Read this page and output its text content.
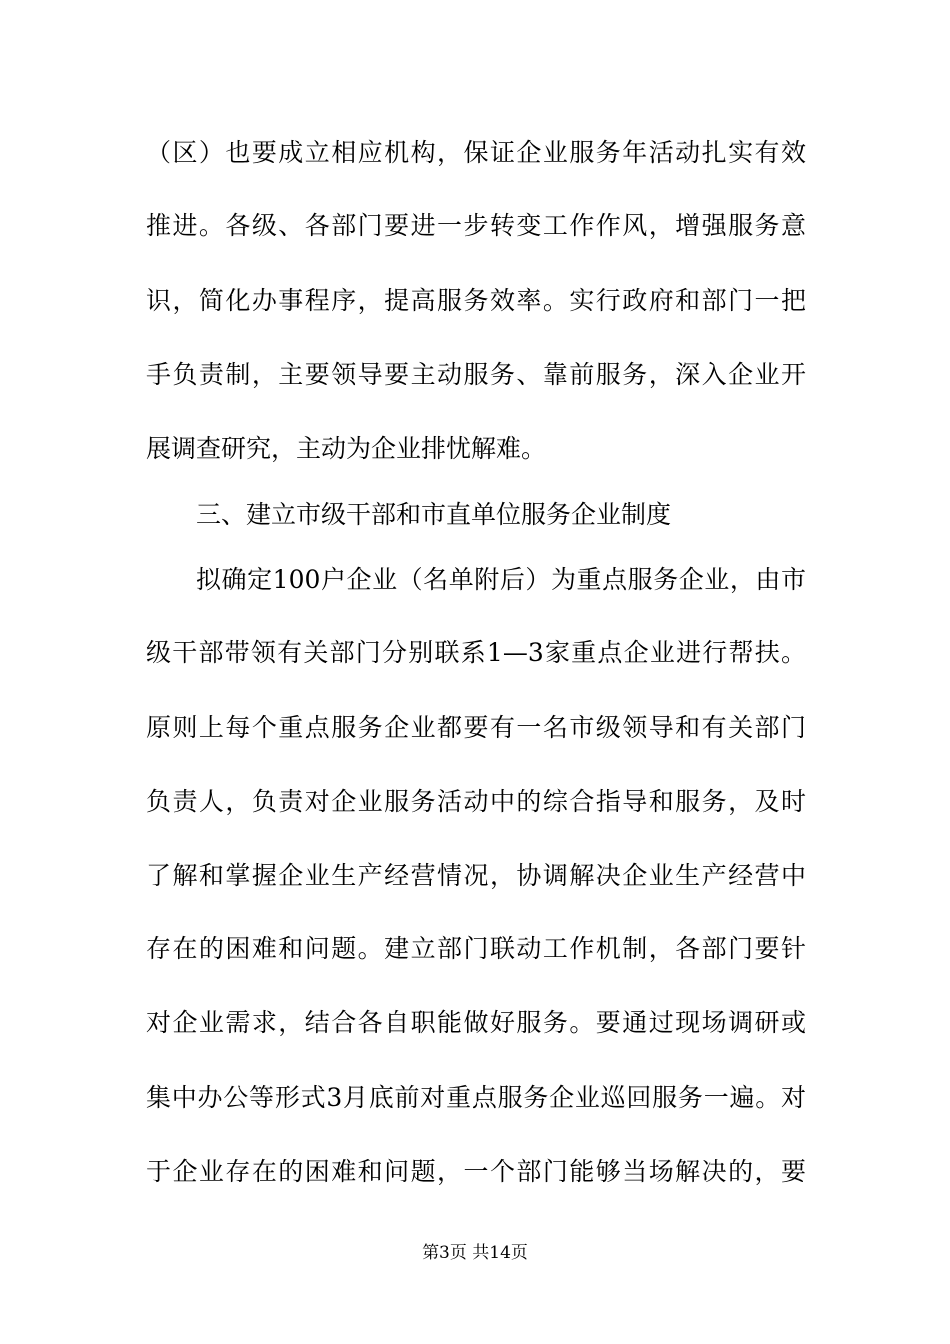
（区）也要成立相应机构，保证企业服务年活动扎实有效
推进。各级、各部门要进一步转变工作作风，增强服务意
识，简化办事程序，提高服务效率。实行政府和部门一把
手负责制，主要领导要主动服务、靠前服务，深入企业开
展调查研究，主动为企业排忧解难。
三、建立市级干部和市直单位服务企业制度
拟确定100户企业（名单附后）为重点服务企业，由市
级干部带领有关部门分别联系1—3家重点企业进行帮扶。
原则上每个重点服务企业都要有一名市级领导和有关部门
负责人，负责对企业服务活动中的综合指导和服务，及时
了解和掌握企业生产经营情况，协调解决企业生产经营中
存在的困难和问题。建立部门联动工作机制，各部门要针
对企业需求，结合各自职能做好服务。要通过现场调研或
集中办公等形式3月底前对重点服务企业巡回服务一遍。对
于企业存在的困难和问题，一个部门能够当场解决的，要
第3页 共14页
